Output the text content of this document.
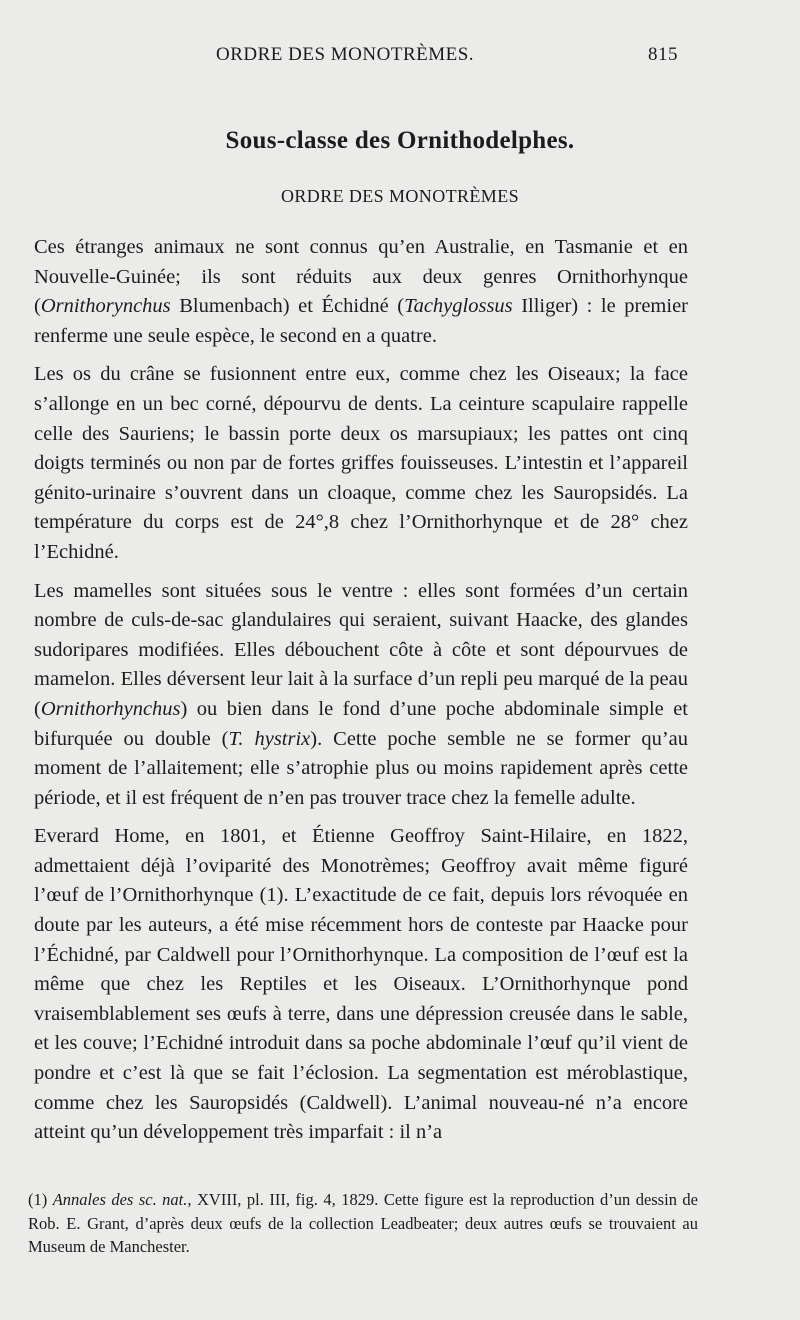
ORDRE DES MONOTRÈMES.	815
Sous-classe des Ornithodelphes.
ORDRE DES MONOTRÈMES

Ces étranges animaux ne sont connus qu’en Australie, en Tasmanie et en Nouvelle-Guinée; ils sont réduits aux deux genres Ornithorhynque (Ornithorynchus Blumenbach) et Échidné (Tachyglossus Illiger) : le premier renferme une seule espèce, le second en a quatre.

Les os du crâne se fusionnent entre eux, comme chez les Oiseaux; la face s’allonge en un bec corné, dépourvu de dents. La ceinture scapulaire rappelle celle des Sauriens; le bassin porte deux os marsupiaux; les pattes ont cinq doigts terminés ou non par de fortes griffes fouisseuses. L’intestin et l’appareil génito-urinaire s’ouvrent dans un cloaque, comme chez les Sauropsidés. La température du corps est de 24°,8 chez l’Ornithorhynque et de 28° chez l’Echidné.

Les mamelles sont situées sous le ventre : elles sont formées d’un certain nombre de culs-de-sac glandulaires qui seraient, suivant Haacke, des glandes sudoripares modifiées. Elles débouchent côte à côte et sont dépourvues de mamelon. Elles déversent leur lait à la surface d’un repli peu marqué de la peau (Ornithorhynchus) ou bien dans le fond d’une poche abdominale simple et bifurquée ou double (T. hystrix). Cette poche semble ne se former qu’au moment de l’allaitement; elle s’atrophie plus ou moins rapidement après cette période, et il est fréquent de n’en pas trouver trace chez la femelle adulte.

Everard Home, en 1801, et Étienne Geoffroy Saint-Hilaire, en 1822, admettaient déjà l’oviparité des Monotrèmes; Geoffroy avait même figuré l’œuf de l’Ornithorhynque (1). L’exactitude de ce fait, depuis lors révoquée en doute par les auteurs, a été mise récemment hors de conteste par Haacke pour l’Échidné, par Caldwell pour l’Ornithorhynque. La composition de l’œuf est la même que chez les Reptiles et les Oiseaux. L’Ornithorhynque pond vraisemblablement ses œufs à terre, dans une dépression creusée dans le sable, et les couve; l’Echidné introduit dans sa poche abdominale l’œuf qu’il vient de pondre et c’est là que se fait l’éclosion. La segmentation est méroblastique, comme chez les Sauropsidés (Caldwell). L’animal nouveau-né n’a encore atteint qu’un développement très imparfait : il n’a

(1) Annales des sc. nat., XVIII, pl. III, fig. 4, 1829. Cette figure est la reproduction d’un dessin de Rob. E. Grant, d’après deux œufs de la collection Leadbeater; deux autres œufs se trouvaient au Museum de Manchester.
